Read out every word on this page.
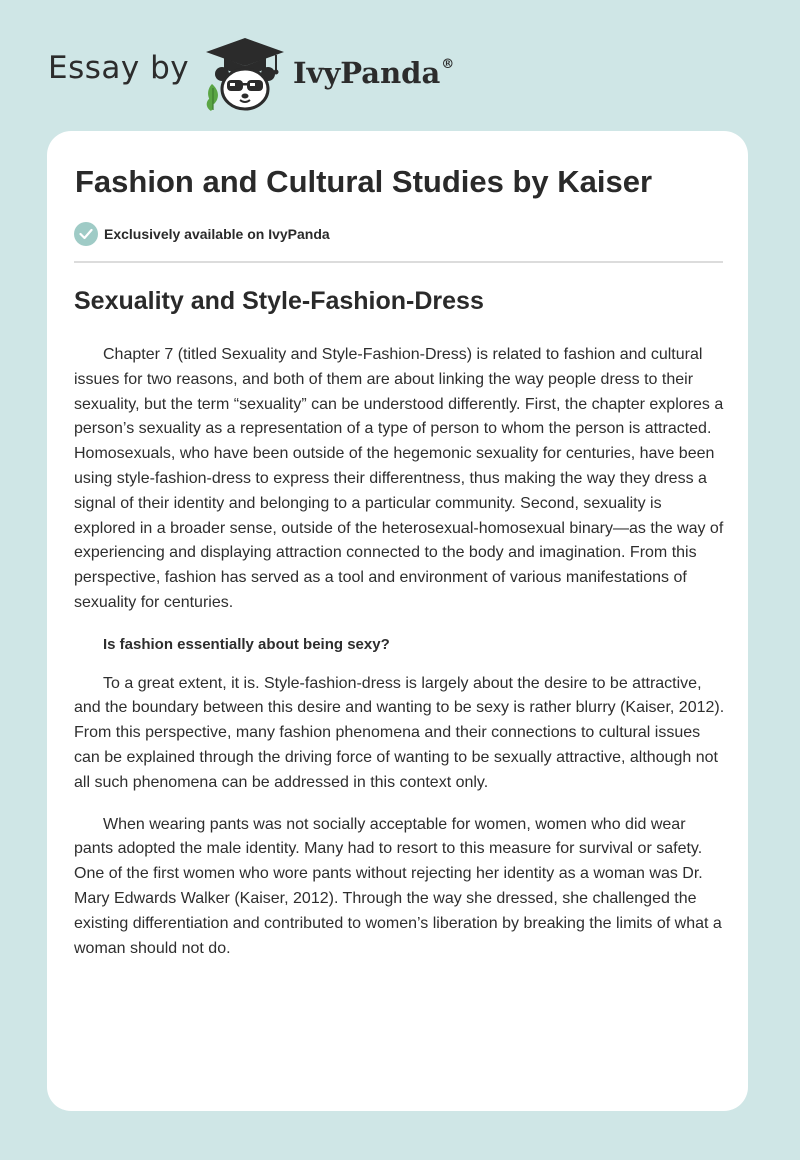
Essay by	IvyPanda®
Fashion and Cultural Studies by Kaiser
Exclusively available on IvyPanda
Sexuality and Style-Fashion-Dress

Chapter 7 (titled Sexuality and Style-Fashion-Dress) is related to fashion and cultural issues for two reasons, and both of them are about linking the way people dress to their sexuality, but the term “sexuality” can be understood differently. First, the chapter explores a person’s sexuality as a representation of a type of person to whom the person is attracted. Homosexuals, who have been outside of the hegemonic sexuality for centuries, have been using style-fashion-dress to express their differentness, thus making the way they dress a signal of their identity and belonging to a particular community. Second, sexuality is explored in a broader sense, outside of the heterosexual-homosexual binary—as the way of experiencing and displaying attraction connected to the body and imagination. From this perspective, fashion has served as a tool and environment of various manifestations of sexuality for centuries.

Is fashion essentially about being sexy?

To a great extent, it is. Style-fashion-dress is largely about the desire to be attractive, and the boundary between this desire and wanting to be sexy is rather blurry (Kaiser, 2012). From this perspective, many fashion phenomena and their connections to cultural issues can be explained through the driving force of wanting to be sexually attractive, although not all such phenomena can be addressed in this context only.

When wearing pants was not socially acceptable for women, women who did wear pants adopted the male identity. Many had to resort to this measure for survival or safety. One of the first women who wore pants without rejecting her identity as a woman was Dr. Mary Edwards Walker (Kaiser, 2012). Through the way she dressed, she challenged the existing differentiation and contributed to women’s liberation by breaking the limits of what a woman should not do.
